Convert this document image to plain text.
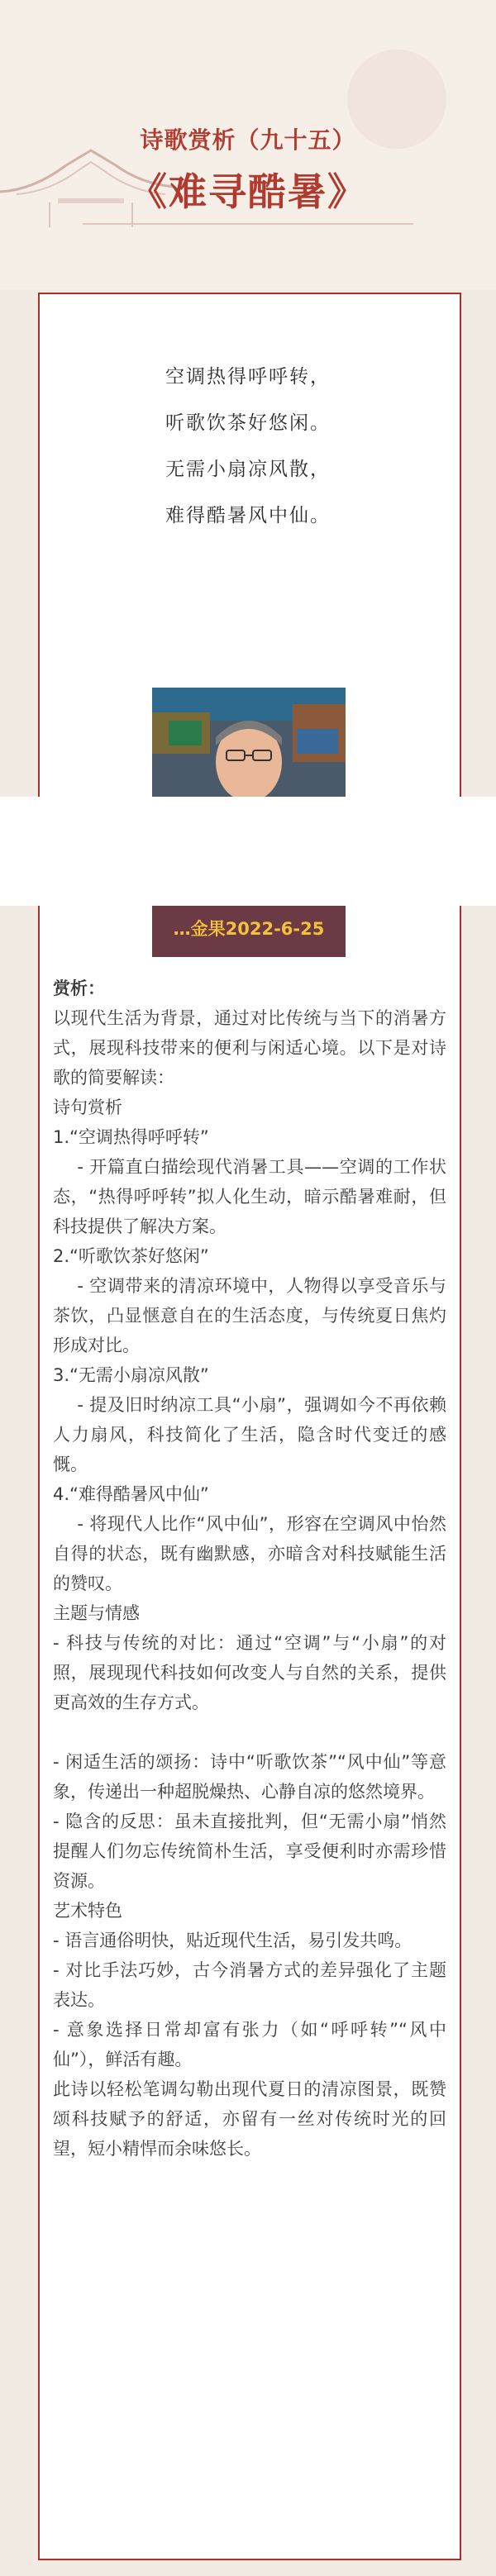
诗歌赏析（九十五）
《难寻酷暑》
空调热得呼呼转，
听歌饮茶好悠闲。
无需小扇凉风散，
难得酷暑风中仙。
…金果2022-6-25

赏析：

以现代生活为背景，通过对比传统与当下的消暑方式，展现科技带来的便利与闲适心境。以下是对诗歌的简要解读：

诗句赏析

1.“空调热得呼呼转”

- 开篇直白描绘现代消暑工具——空调的工作状态，“热得呼呼转”拟人化生动，暗示酷暑难耐，但科技提供了解决方案。

2.“听歌饮茶好悠闲”

- 空调带来的清凉环境中，人物得以享受音乐与茶饮，凸显惬意自在的生活态度，与传统夏日焦灼形成对比。

3.“无需小扇凉风散”

- 提及旧时纳凉工具“小扇”，强调如今不再依赖人力扇风，科技简化了生活，隐含时代变迁的感慨。

4.“难得酷暑风中仙”

- 将现代人比作“风中仙”，形容在空调风中怡然自得的状态，既有幽默感，亦暗含对科技赋能生活的赞叹。

主题与情感

- 科技与传统的对比：通过“空调”与“小扇”的对照，展现现代科技如何改变人与自然的关系，提供更高效的生存方式。

- 闲适生活的颂扬：诗中“听歌饮茶”“风中仙”等意象，传递出一种超脱燥热、心静自凉的悠然境界。

- 隐含的反思：虽未直接批判，但“无需小扇”悄然提醒人们勿忘传统简朴生活，享受便利时亦需珍惜资源。

艺术特色

- 语言通俗明快，贴近现代生活，易引发共鸣。

- 对比手法巧妙，古今消暑方式的差异强化了主题表达。

- 意象选择日常却富有张力（如“呼呼转”“风中仙”），鲜活有趣。

此诗以轻松笔调勾勒出现代夏日的清凉图景，既赞颂科技赋予的舒适，亦留有一丝对传统时光的回望，短小精悍而余味悠长。
